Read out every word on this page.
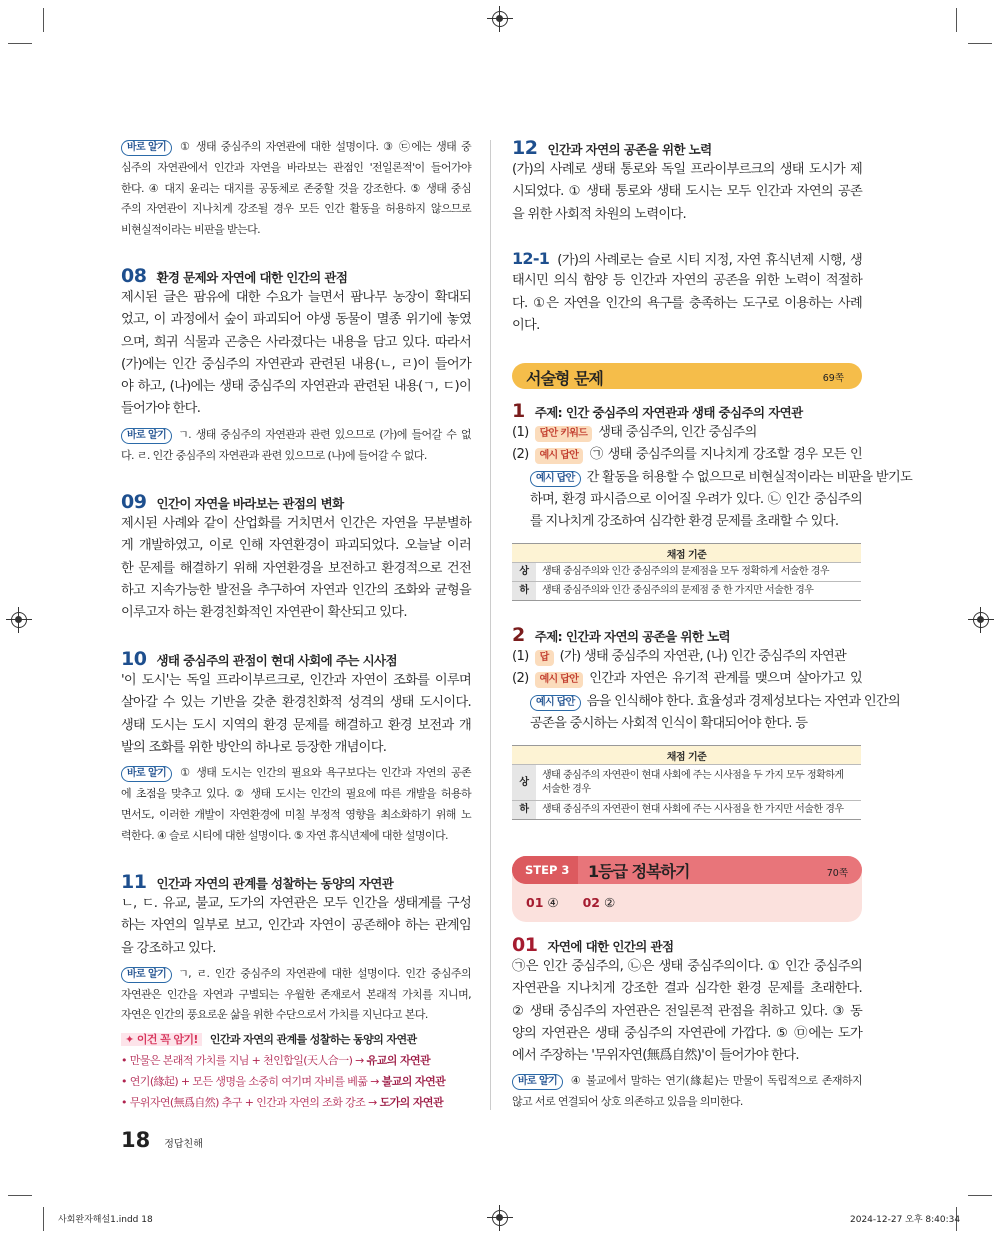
바로 알기 ① 생태 중심주의 자연관에 대한 설명이다. ③ ㉢에는 생태 중
심주의 자연관에서 인간과 자연을 바라보는 관점인 '전일론적'이 들어가야
한다. ④ 대지 윤리는 대지를 공동체로 존중할 것을 강조한다. ⑤ 생태 중심
주의 자연관이 지나치게 강조될 경우 모든 인간 활동을 허용하지 않으므로
비현실적이라는 비판을 받는다.
08 환경 문제와 자연에 대한 인간의 관점
제시된 글은 팜유에 대한 수요가 늘면서 팜나무 농장이 확대되
었고, 이 과정에서 숲이 파괴되어 야생 동물이 멸종 위기에 놓였
으며, 희귀 식물과 곤충은 사라졌다는 내용을 담고 있다. 따라서
(가)에는 인간 중심주의 자연관과 관련된 내용(ㄴ, ㄹ)이 들어가
야 하고, (나)에는 생태 중심주의 자연관과 관련된 내용(ㄱ, ㄷ)이
들어가야 한다.
바로 알기 ㄱ. 생태 중심주의 자연관과 관련 있으므로 (가)에 들어갈 수 없
다. ㄹ. 인간 중심주의 자연관과 관련 있으므로 (나)에 들어갈 수 없다.
09 인간이 자연을 바라보는 관점의 변화
제시된 사례와 같이 산업화를 거치면서 인간은 자연을 무분별하
게 개발하였고, 이로 인해 자연환경이 파괴되었다. 오늘날 이러
한 문제를 해결하기 위해 자연환경을 보전하고 환경적으로 건전
하고 지속가능한 발전을 추구하여 자연과 인간의 조화와 균형을
이루고자 하는 환경친화적인 자연관이 확산되고 있다.
10 생태 중심주의 관점이 현대 사회에 주는 시사점
'이 도시'는 독일 프라이부르크로, 인간과 자연이 조화를 이루며
살아갈 수 있는 기반을 갖춘 환경친화적 성격의 생태 도시이다.
생태 도시는 도시 지역의 환경 문제를 해결하고 환경 보전과 개
발의 조화를 위한 방안의 하나로 등장한 개념이다.
바로 알기 ① 생태 도시는 인간의 필요와 욕구보다는 인간과 자연의 공존
에 초점을 맞추고 있다. ② 생태 도시는 인간의 필요에 따른 개발을 허용하
면서도, 이러한 개발이 자연환경에 미칠 부정적 영향을 최소화하기 위해 노
력한다. ④ 슬로 시티에 대한 설명이다. ⑤ 자연 휴식년제에 대한 설명이다.
11 인간과 자연의 관계를 성찰하는 동양의 자연관
ㄴ, ㄷ. 유교, 불교, 도가의 자연관은 모두 인간을 생태계를 구성
하는 자연의 일부로 보고, 인간과 자연이 공존해야 하는 관계임
을 강조하고 있다.
바로 알기 ㄱ, ㄹ. 인간 중심주의 자연관에 대한 설명이다. 인간 중심주의
자연관은 인간을 자연과 구별되는 우월한 존재로서 본래적 가치를 지니며,
자연은 인간의 풍요로운 삶을 위한 수단으로서 가치를 지닌다고 본다.
✦ 이건 꼭 암기! 인간과 자연의 관계를 성찰하는 동양의 자연관
• 만물은 본래적 가치를 지님 + 천인합일(天人合一) → 유교의 자연관
• 연기(緣起) + 모든 생명을 소중히 여기며 자비를 베풂 → 불교의 자연관
• 무위자연(無爲自然) 추구 + 인간과 자연의 조화 강조 → 도가의 자연관
18 정답친해
12 인간과 자연의 공존을 위한 노력
(가)의 사례로 생태 통로와 독일 프라이부르크의 생태 도시가 제
시되었다. ① 생태 통로와 생태 도시는 모두 인간과 자연의 공존
을 위한 사회적 차원의 노력이다.
12-1 (가)의 사례로는 슬로 시티 지정, 자연 휴식년제 시행, 생
태시민 의식 함양 등 인간과 자연의 공존을 위한 노력이 적절하
다. ①은 자연을 인간의 욕구를 충족하는 도구로 이용하는 사례
이다.
서술형 문제	69쪽
1 주제: 인간 중심주의 자연관과 생태 중심주의 자연관
(1) 답안 키워드 생태 중심주의, 인간 중심주의
(2) 예시 답안 ㉠ 생태 중심주의를 지나치게 강조할 경우 모든 인
예시 답안 간 활동을 허용할 수 없으므로 비현실적이라는 비판을 받기도
하며, 환경 파시즘으로 이어질 우려가 있다. ㉡ 인간 중심주의
를 지나치게 강조하여 심각한 환경 문제를 초래할 수 있다.
채점 기준	
상	생태 중심주의와 인간 중심주의의 문제점을 모두 정확하게 서술한 경우
하	생태 중심주의와 인간 중심주의의 문제점 중 한 가지만 서술한 경우
2 주제: 인간과 자연의 공존을 위한 노력
(1) 답 (가) 생태 중심주의 자연관, (나) 인간 중심주의 자연관
(2) 예시 답안 인간과 자연은 유기적 관계를 맺으며 살아가고 있
예시 답안 음을 인식해야 한다. 효율성과 경제성보다는 자연과 인간의
공존을 중시하는 사회적 인식이 확대되어야 한다. 등
채점 기준	
상	생태 중심주의 자연관이 현대 사회에 주는 시사점을 두 가지 모두 정확하게 서술한 경우
하	생태 중심주의 자연관이 현대 사회에 주는 시사점을 한 가지만 서술한 경우
STEP 3 1등급 정복하기	70쪽
01 ④ 02 ②
01 자연에 대한 인간의 관점
㉠은 인간 중심주의, ㉡은 생태 중심주의이다. ① 인간 중심주의
자연관을 지나치게 강조한 결과 심각한 환경 문제를 초래한다.
② 생태 중심주의 자연관은 전일론적 관점을 취하고 있다. ③ 동
양의 자연관은 생태 중심주의 자연관에 가깝다. ⑤ ㉤에는 도가
에서 주장하는 '무위자연(無爲自然)'이 들어가야 한다.
바로 알기 ④ 불교에서 말하는 연기(緣起)는 만물이 독립적으로 존재하지
않고 서로 연결되어 상호 의존하고 있음을 의미한다.
사회완자해설1.indd 18	2024-12-27 오후 8:40:34
